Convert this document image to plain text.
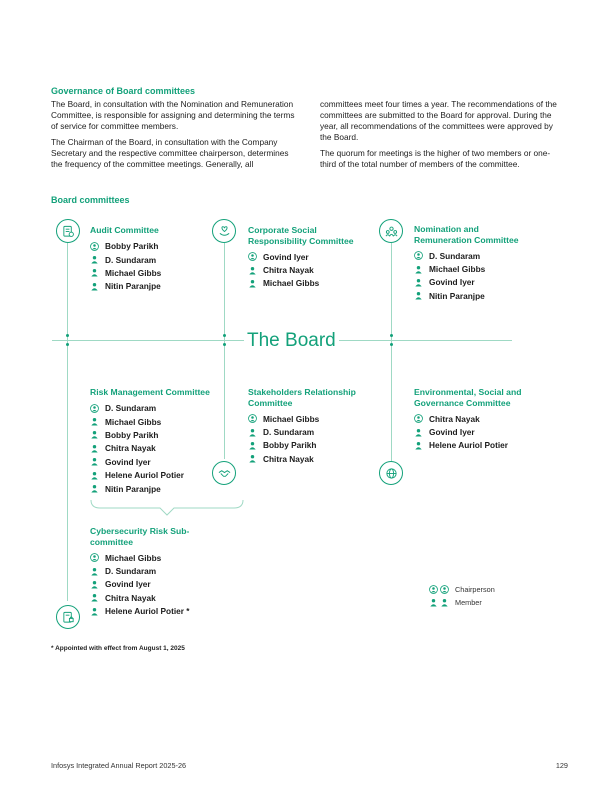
Governance of Board committees

The Board, in consultation with the Nomination and Remuneration Committee, is responsible for assigning and determining the terms of service for committee members.

The Chairman of the Board, in consultation with the Company Secretary and the respective committee chairperson, determines the frequency of the committee meetings. Generally, all

committees meet four times a year. The recommendations of the committees are submitted to the Board for approval. During the year, all recommendations of the committees were approved by the Board.

The quorum for meetings is the higher of two members or one-third of the total number of members of the committee.

Board committees
The Board
Audit Committee
Bobby Parikh
D. Sundaram
Michael Gibbs
Nitin Paranjpe
Corporate Social Responsibility Committee
Govind Iyer
Chitra Nayak
Michael Gibbs
Nomination and Remuneration Committee
D. Sundaram
Michael Gibbs
Govind Iyer
Nitin Paranjpe
Risk Management Committee
D. Sundaram
Michael Gibbs
Bobby Parikh
Chitra Nayak
Govind Iyer
Helene Auriol Potier
Nitin Paranjpe
Stakeholders Relationship Committee
Michael Gibbs
D. Sundaram
Bobby Parikh
Chitra Nayak
Environmental, Social and Governance Committee
Chitra Nayak
Govind Iyer
Helene Auriol Potier
Cybersecurity Risk Sub-committee
Michael Gibbs
D. Sundaram
Govind Iyer
Chitra Nayak
Helene Auriol Potier *
Chairperson
Member
* Appointed with effect from August 1, 2025
Infosys Integrated Annual Report 2025-26	129
